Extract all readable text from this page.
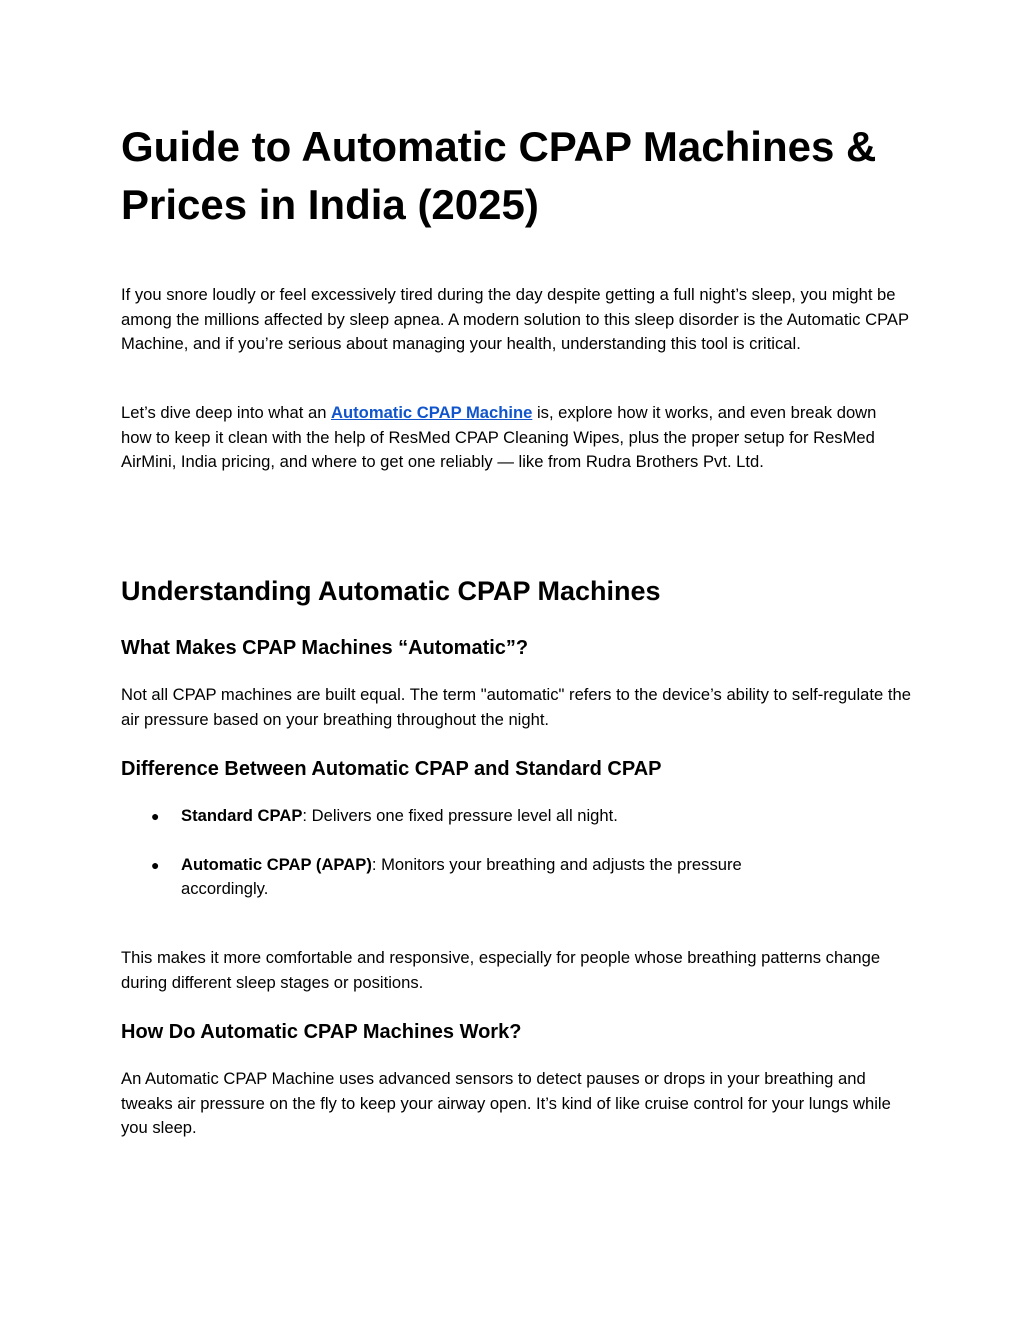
Guide to Automatic CPAP Machines & Prices in India (2025)

If you snore loudly or feel excessively tired during the day despite getting a full night’s sleep, you might be among the millions affected by sleep apnea. A modern solution to this sleep disorder is the Automatic CPAP Machine, and if you’re serious about managing your health, understanding this tool is critical.

Let’s dive deep into what an Automatic CPAP Machine is, explore how it works, and even break down how to keep it clean with the help of ResMed CPAP Cleaning Wipes, plus the proper setup for ResMed AirMini, India pricing, and where to get one reliably — like from Rudra Brothers Pvt. Ltd.

Understanding Automatic CPAP Machines
What Makes CPAP Machines “Automatic”?

Not all CPAP machines are built equal. The term "automatic" refers to the device’s ability to self-regulate the air pressure based on your breathing throughout the night.

Difference Between Automatic CPAP and Standard CPAP
● Standard CPAP: Delivers one fixed pressure level all night.
● Automatic CPAP (APAP): Monitors your breathing and adjusts the pressure accordingly.

This makes it more comfortable and responsive, especially for people whose breathing patterns change during different sleep stages or positions.

How Do Automatic CPAP Machines Work?

An Automatic CPAP Machine uses advanced sensors to detect pauses or drops in your breathing and tweaks air pressure on the fly to keep your airway open. It’s kind of like cruise control for your lungs while you sleep.
